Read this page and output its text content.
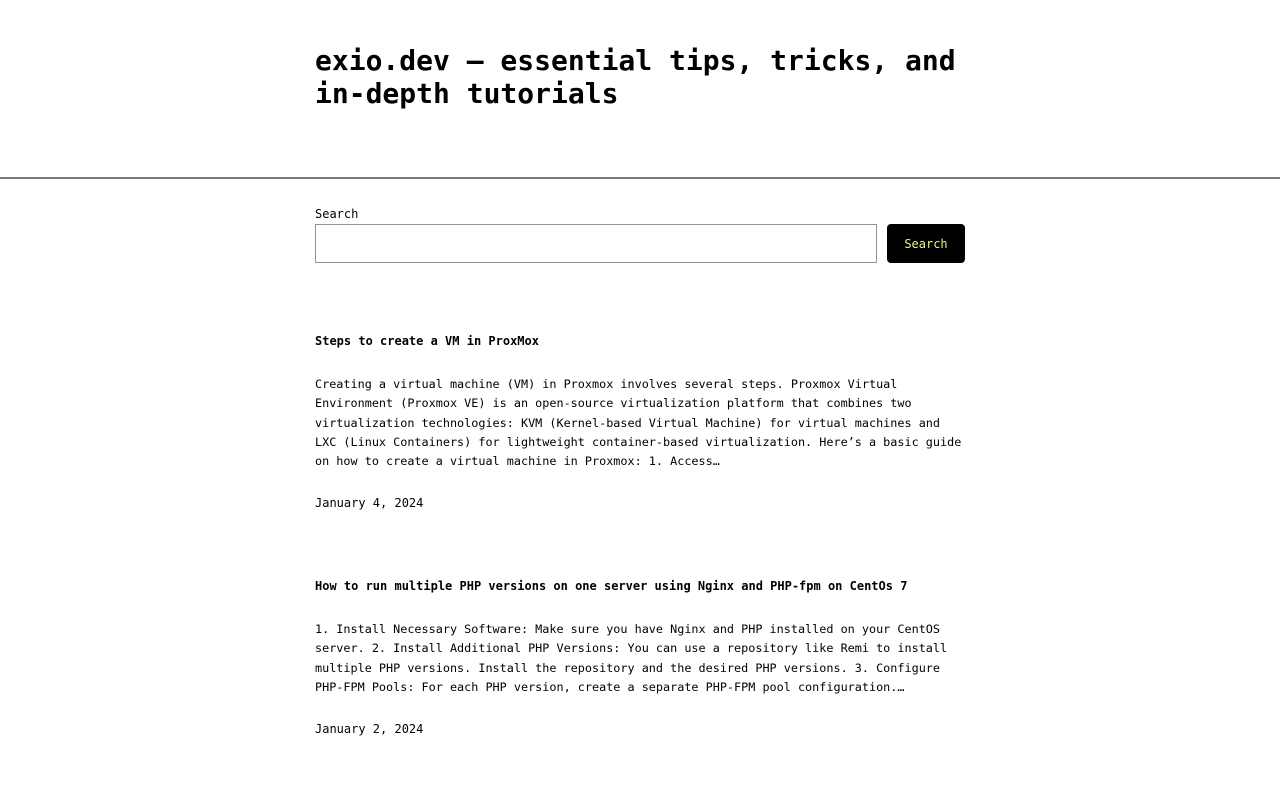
exio.dev – essential tips, tricks, and in-depth tutorials
Search
Search
Steps to create a VM in ProxMox

Creating a virtual machine (VM) in Proxmox involves several steps. Proxmox Virtual Environment (Proxmox VE) is an open-source virtualization platform that combines two virtualization technologies: KVM (Kernel-based Virtual Machine) for virtual machines and LXC (Linux Containers) for lightweight container-based virtualization. Here’s a basic guide on how to create a virtual machine in Proxmox: 1. Access…

January 4, 2024
How to run multiple PHP versions on one server using Nginx and PHP-fpm on CentOs 7

1. Install Necessary Software: Make sure you have Nginx and PHP installed on your CentOS server. 2. Install Additional PHP Versions: You can use a repository like Remi to install multiple PHP versions. Install the repository and the desired PHP versions. 3. Configure PHP-FPM Pools: For each PHP version, create a separate PHP-FPM pool configuration.…

January 2, 2024
